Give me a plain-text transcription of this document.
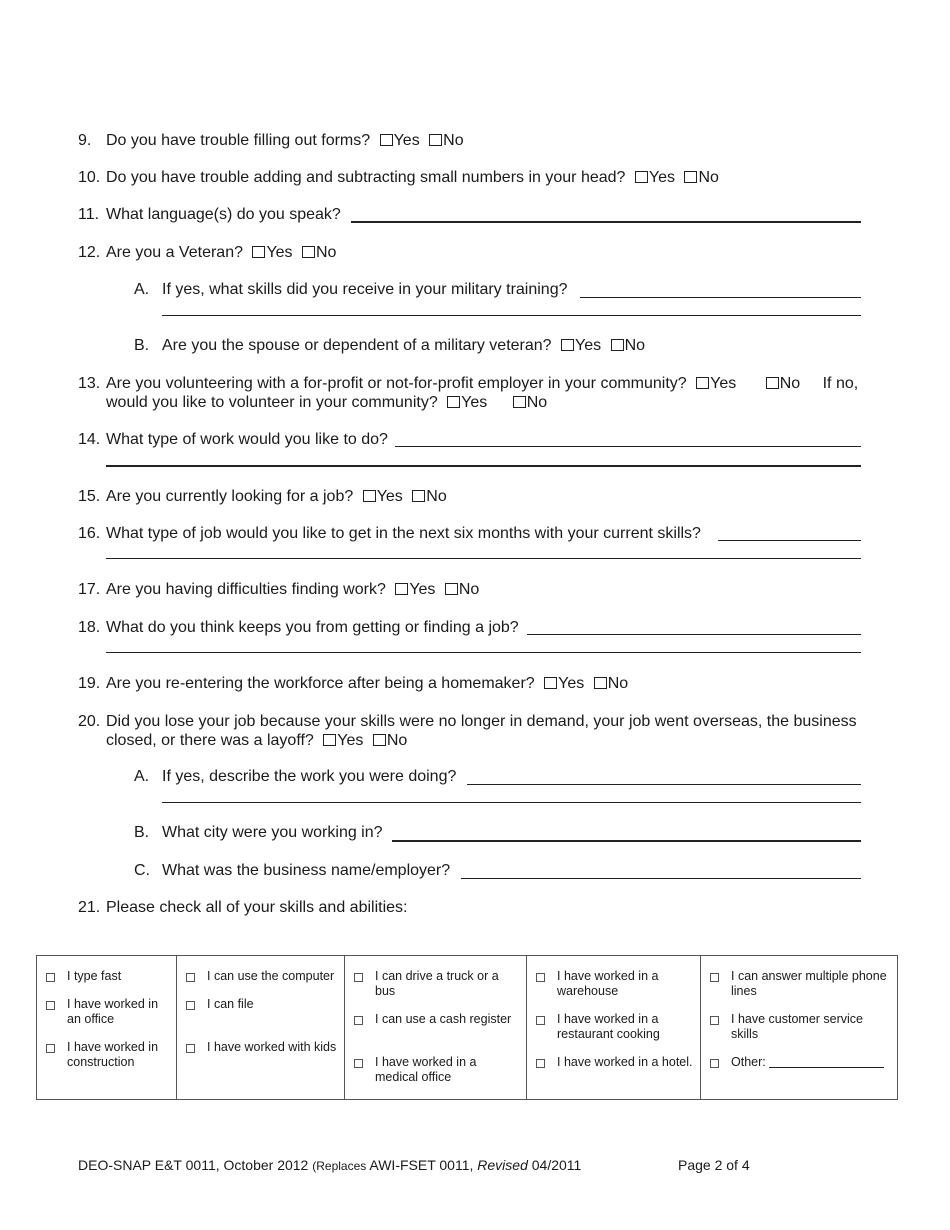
9. Do you have trouble filling out forms? Yes No
10. Do you have trouble adding and subtracting small numbers in your head? Yes No
11. What language(s) do you speak?
12. Are you a Veteran? Yes No
A. If yes, what skills did you receive in your military training?
B. Are you the spouse or dependent of a military veteran? Yes No
13. Are you volunteering with a for-profit or not-for-profit employer in your community? Yes	No If no,
would you like to volunteer in your community? Yes No
14. What type of work would you like to do?
15. Are you currently looking for a job? Yes No
16. What type of job would you like to get in the next six months with your current skills?
17. Are you having difficulties finding work? Yes No
18. What do you think keeps you from getting or finding a job?
19. Are you re-entering the workforce after being a homemaker? Yes No
20. Did you lose your job because your skills were no longer in demand, your job went overseas, the business
closed, or there was a layoff? Yes No
A. If yes, describe the work you were doing?
B. What city were you working in?
C. What was the business name/employer?
21. Please check all of your skills and abilities:
I type fast
I have worked in an office
I have worked in construction

I can use the computer
I can file
I have worked with kids

I can drive a truck or a bus
I can use a cash register
I have worked in a medical office

I have worked in a warehouse
I have worked in a restaurant cooking
I have worked in a hotel.

I can answer multiple phone lines
I have customer service skills
Other:
DEO-SNAP E&T 0011, October 2012 (Replaces AWI-FSET 0011, Revised 04/2011	Page 2 of 4
